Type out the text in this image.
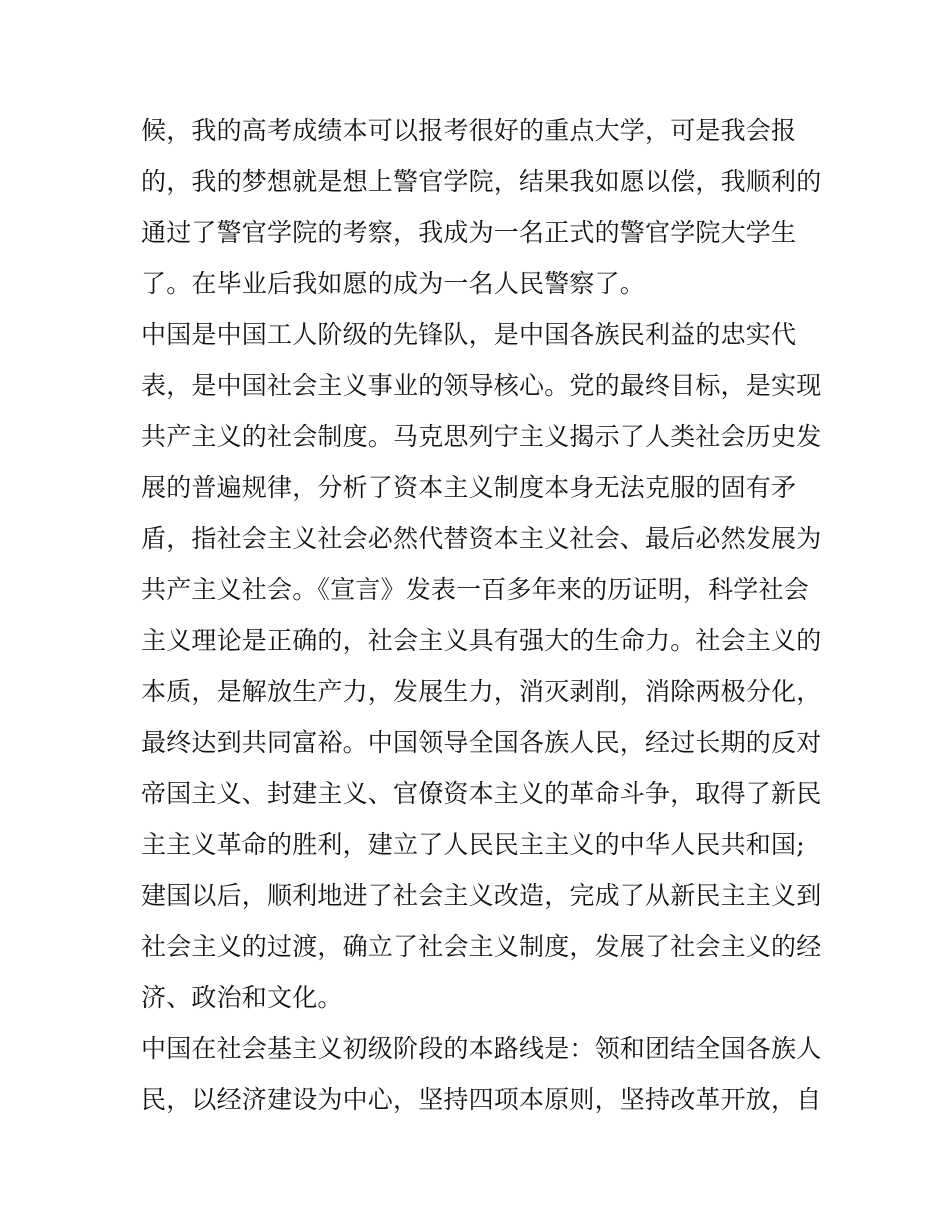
候，我的高考成绩本可以报考很好的重点大学，可是我会报
的，我的梦想就是想上警官学院，结果我如愿以偿，我顺利的
通过了警官学院的考察，我成为一名正式的警官学院大学生
了。在毕业后我如愿的成为一名人民警察了。
中国是中国工人阶级的先锋队，是中国各族民利益的忠实代
表，是中国社会主义事业的领导核心。党的最终目标，是实现
共产主义的社会制度。马克思列宁主义揭示了人类社会历史发
展的普遍规律，分析了资本主义制度本身无法克服的固有矛
盾，指社会主义社会必然代替资本主义社会、最后必然发展为
共产主义社会。《宣言》发表一百多年来的历证明，科学社会
主义理论是正确的，社会主义具有强大的生命力。社会主义的
本质，是解放生产力，发展生力，消灭剥削，消除两极分化，
最终达到共同富裕。中国领导全国各族人民，经过长期的反对
帝国主义、封建主义、官僚资本主义的革命斗争，取得了新民
主主义革命的胜利，建立了人民民主主义的中华人民共和国;
建国以后，顺利地进了社会主义改造，完成了从新民主主义到
社会主义的过渡，确立了社会主义制度，发展了社会主义的经
济、政治和文化。
中国在社会基主义初级阶段的本路线是：领和团结全国各族人
民，以经济建设为中心，坚持四项本原则，坚持改革开放，自
